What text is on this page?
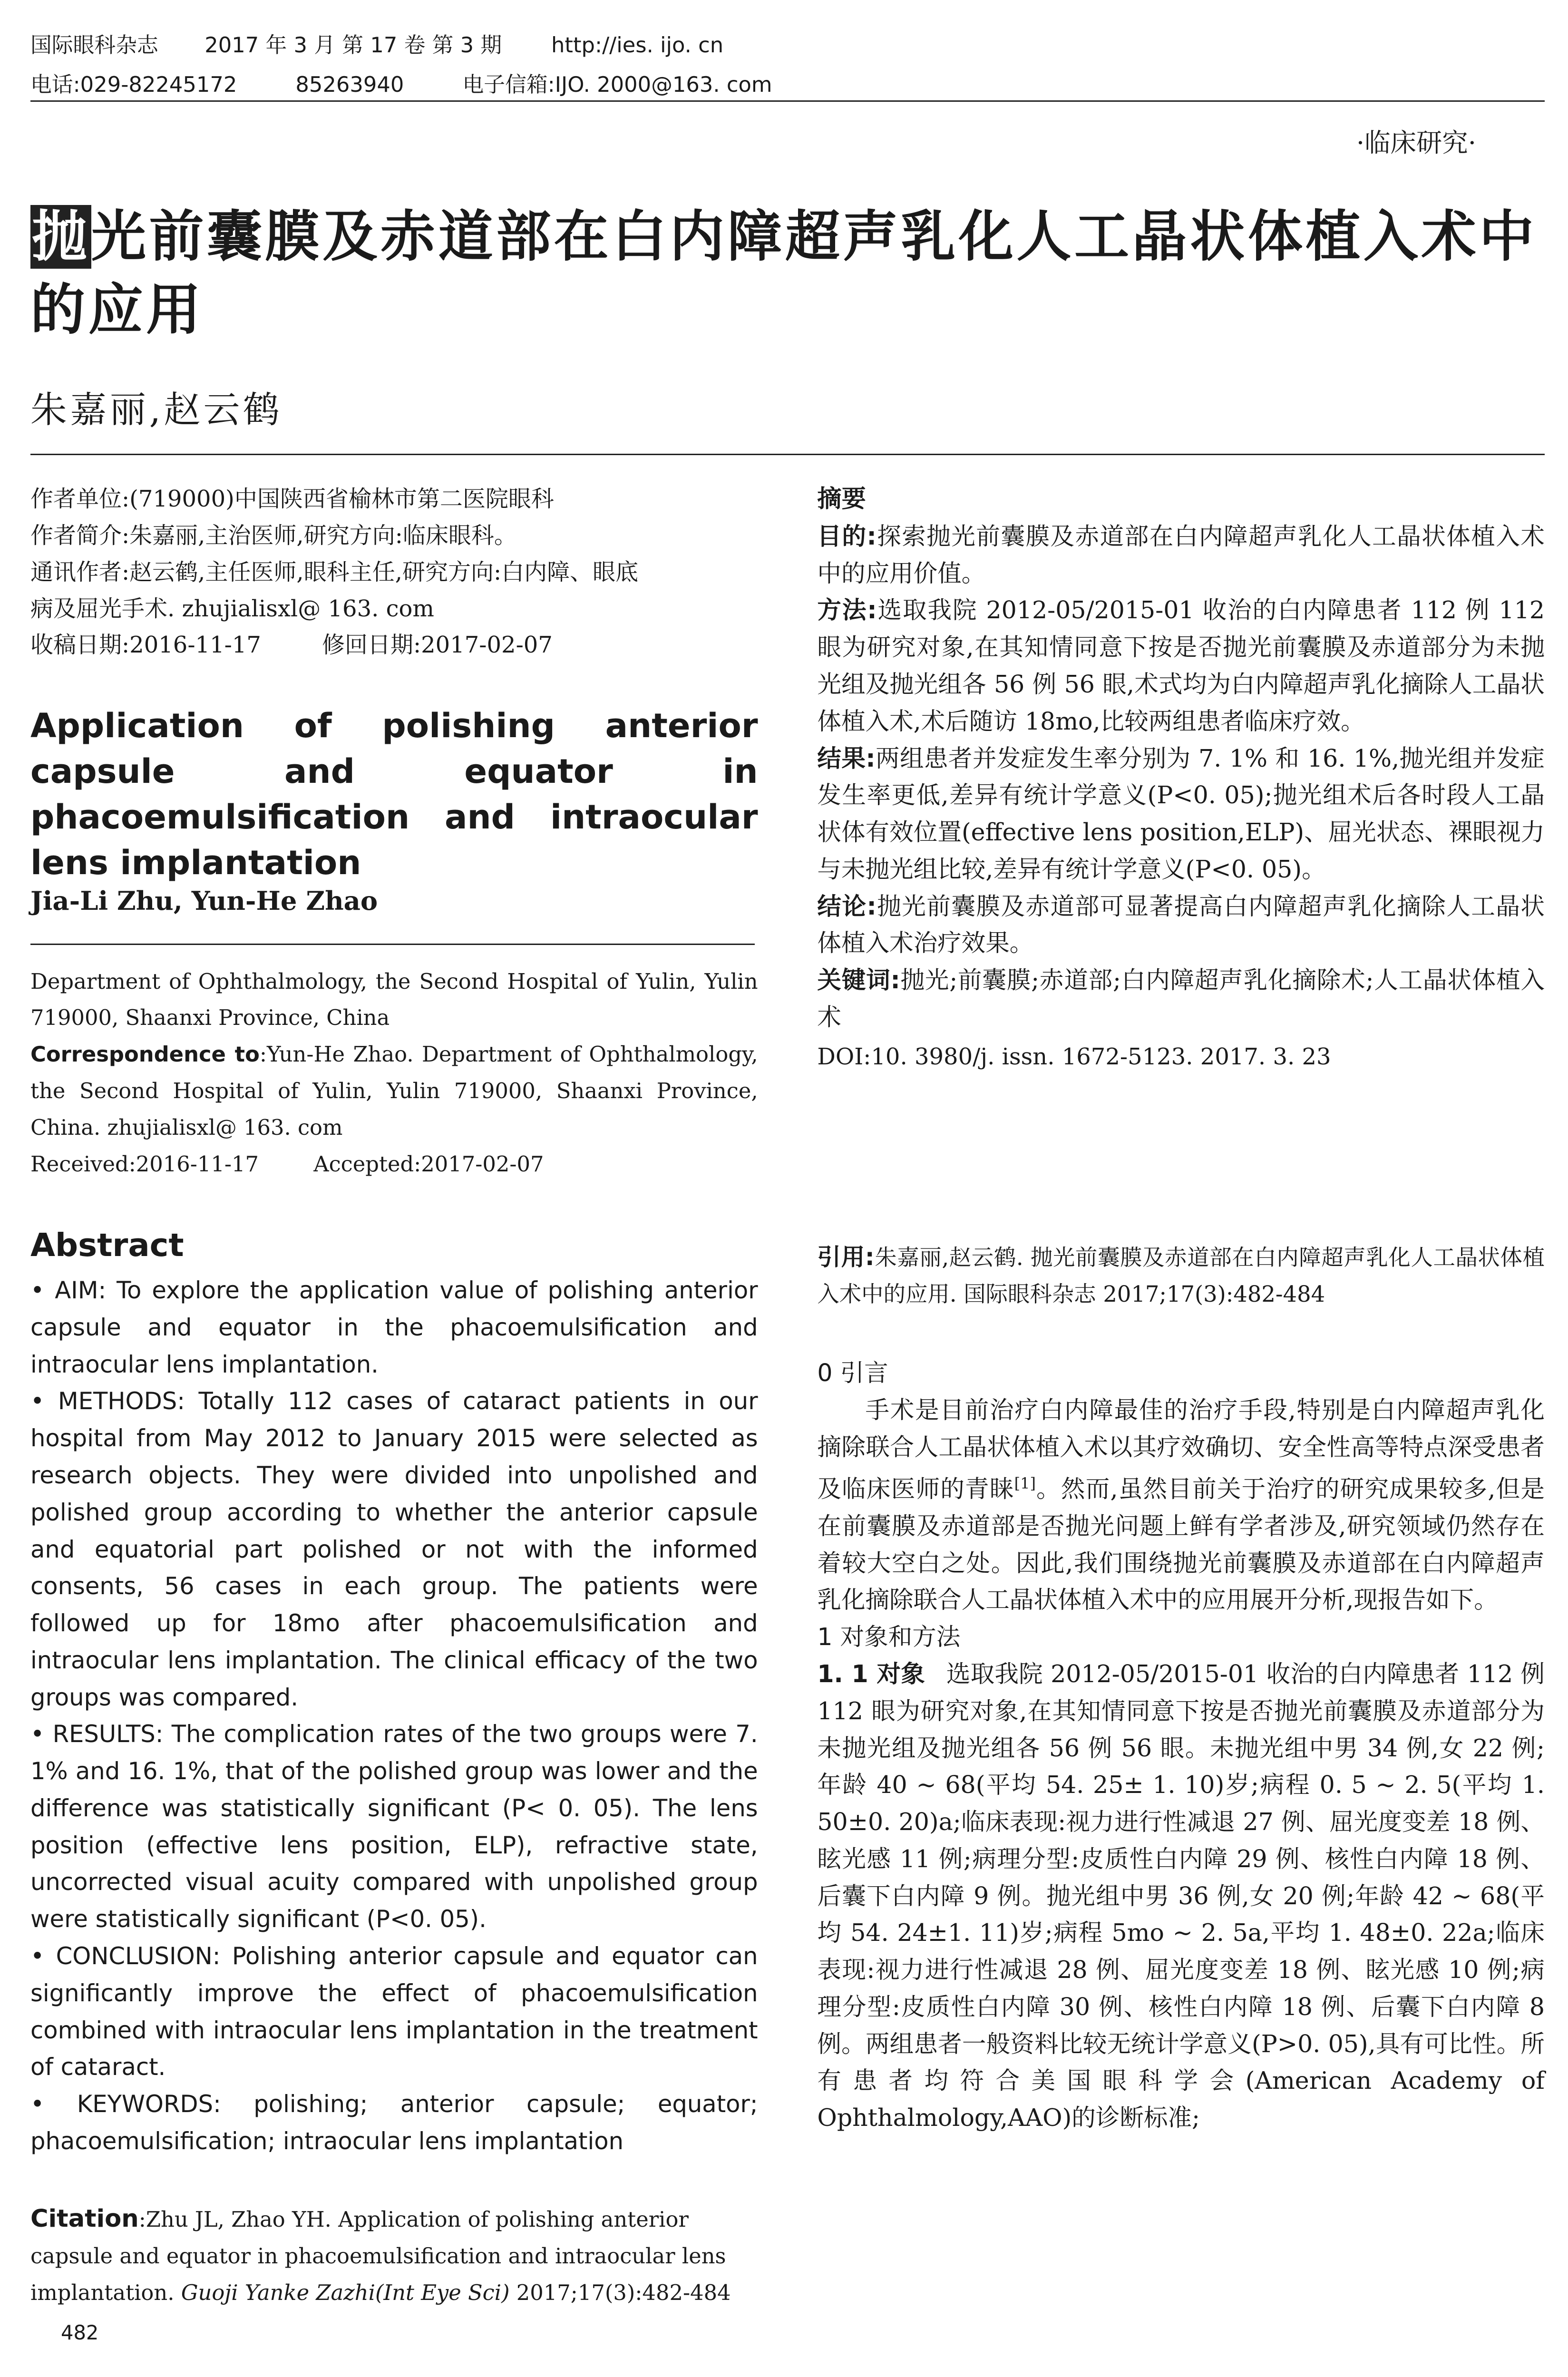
国际眼科杂志	2017 年 3 月 第 17 卷 第 3 期	http://ies. ijo. cn
电话:029-82245172	85263940	电子信箱:IJO. 2000@163. com
·临床研究·
抛光前囊膜及赤道部在白内障超声乳化人工晶状体植入术中的应用
朱嘉丽,赵云鹤

作者单位:(719000)中国陕西省榆林市第二医院眼科

作者简介:朱嘉丽,主治医师,研究方向:临床眼科。

通讯作者:赵云鹤,主任医师,眼科主任,研究方向:白内障、眼底

病及屈光手术. zhujialisxl@ 163. com

收稿日期:2016-11-17	修回日期:2017-02-07

Application of polishing anterior capsule and equator in phacoemulsification and intraocular lens implantation
Jia-Li Zhu, Yun-He Zhao

Department of Ophthalmology, the Second Hospital of Yulin, Yulin 719000, Shaanxi Province, China

Correspondence to:Yun-He Zhao. Department of Ophthalmology, the Second Hospital of Yulin, Yulin 719000, Shaanxi Province, China. zhujialisxl@ 163. com

Received:2016-11-17	Accepted:2017-02-07

Abstract

• AIM: To explore the application value of polishing anterior capsule and equator in the phacoemulsification and intraocular lens implantation.

• METHODS: Totally 112 cases of cataract patients in our hospital from May 2012 to January 2015 were selected as research objects. They were divided into unpolished and polished group according to whether the anterior capsule and equatorial part polished or not with the informed consents, 56 cases in each group. The patients were followed up for 18mo after phacoemulsification and intraocular lens implantation. The clinical efficacy of the two groups was compared.

• RESULTS: The complication rates of the two groups were 7. 1% and 16. 1%, that of the polished group was lower and the difference was statistically significant (P< 0. 05). The lens position (effective lens position, ELP), refractive state, uncorrected visual acuity compared with unpolished group were statistically significant (P<0. 05).

• CONCLUSION: Polishing anterior capsule and equator can significantly improve the effect of phacoemulsification combined with intraocular lens implantation in the treatment of cataract.

• KEYWORDS: polishing; anterior capsule; equator; phacoemulsification; intraocular lens implantation

Citation:Zhu JL, Zhao YH. Application of polishing anterior capsule and equator in phacoemulsification and intraocular lens implantation. Guoji Yanke Zazhi(Int Eye Sci) 2017;17(3):482-484

482

摘要

目的:探索抛光前囊膜及赤道部在白内障超声乳化人工晶状体植入术中的应用价值。

方法:选取我院 2012-05/2015-01 收治的白内障患者 112 例 112 眼为研究对象,在其知情同意下按是否抛光前囊膜及赤道部分为未抛光组及抛光组各 56 例 56 眼,术式均为白内障超声乳化摘除人工晶状体植入术,术后随访 18mo,比较两组患者临床疗效。

结果:两组患者并发症发生率分别为 7. 1% 和 16. 1%,抛光组并发症发生率更低,差异有统计学意义(P<0. 05);抛光组术后各时段人工晶状体有效位置(effective lens position,ELP)、屈光状态、裸眼视力与未抛光组比较,差异有统计学意义(P<0. 05)。

结论:抛光前囊膜及赤道部可显著提高白内障超声乳化摘除人工晶状体植入术治疗效果。

关键词:抛光;前囊膜;赤道部;白内障超声乳化摘除术;人工晶状体植入术

DOI:10. 3980/j. issn. 1672-5123. 2017. 3. 23

引用:朱嘉丽,赵云鹤. 抛光前囊膜及赤道部在白内障超声乳化人工晶状体植入术中的应用. 国际眼科杂志 2017;17(3):482-484

0 引言

手术是目前治疗白内障最佳的治疗手段,特别是白内障超声乳化摘除联合人工晶状体植入术以其疗效确切、安全性高等特点深受患者及临床医师的青睐[1]。然而,虽然目前关于治疗的研究成果较多,但是在前囊膜及赤道部是否抛光问题上鲜有学者涉及,研究领域仍然存在着较大空白之处。因此,我们围绕抛光前囊膜及赤道部在白内障超声乳化摘除联合人工晶状体植入术中的应用展开分析,现报告如下。

1 对象和方法

1. 1 对象	选取我院 2012-05/2015-01 收治的白内障患者 112 例 112 眼为研究对象,在其知情同意下按是否抛光前囊膜及赤道部分为未抛光组及抛光组各 56 例 56 眼。未抛光组中男 34 例,女 22 例;年龄 40 ~ 68(平均 54. 25± 1. 10)岁;病程 0. 5 ~ 2. 5(平均 1. 50±0. 20)a;临床表现:视力进行性减退 27 例、屈光度变差 18 例、眩光感 11 例;病理分型:皮质性白内障 29 例、核性白内障 18 例、后囊下白内障 9 例。抛光组中男 36 例,女 20 例;年龄 42 ~ 68(平均 54. 24±1. 11)岁;病程 5mo ~ 2. 5a,平均 1. 48±0. 22a;临床表现:视力进行性减退 28 例、屈光度变差 18 例、眩光感 10 例;病理分型:皮质性白内障 30 例、核性白内障 18 例、后囊下白内障 8 例。两组患者一般资料比较无统计学意义(P>0. 05),具有可比性。所有患者均符合美国眼科学会(American Academy of Ophthalmology,AAO)的诊断标准;
